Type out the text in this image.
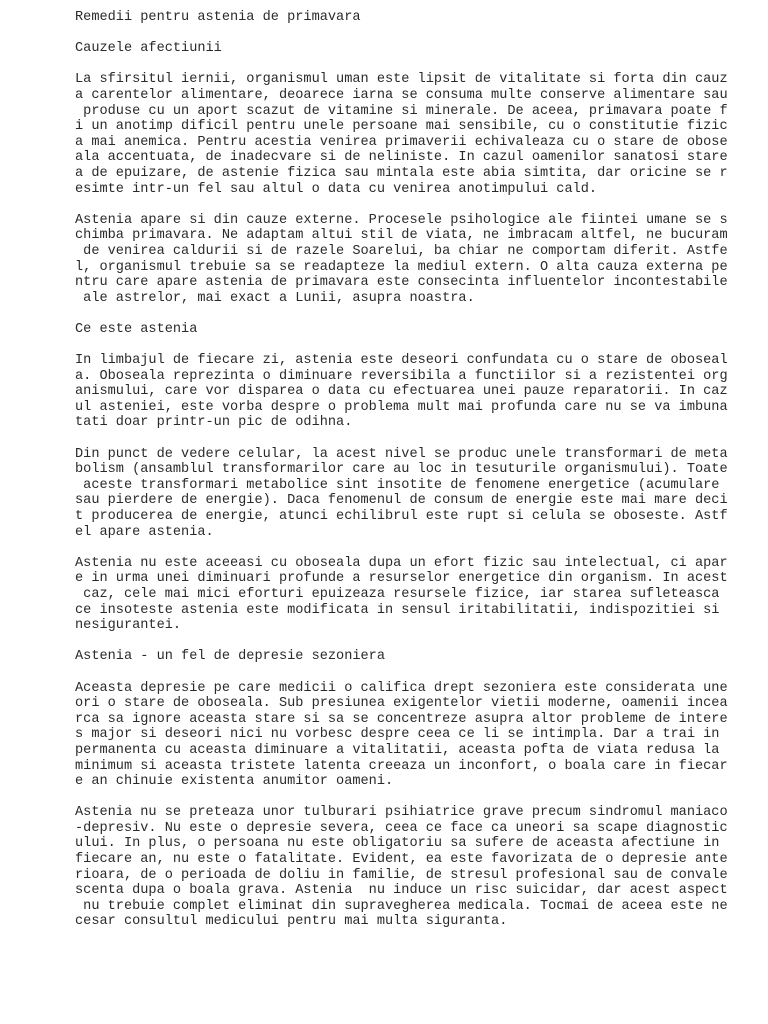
Remedii pentru astenia de primavara
Cauzele afectiunii
La sfirsitul iernii, organismul uman este lipsit de vitalitate si forta din cauz
a carentelor alimentare, deoarece iarna se consuma multe conserve alimentare sau
produse cu un aport scazut de vitamine si minerale. De aceea, primavara poate f
i un anotimp dificil pentru unele persoane mai sensibile, cu o constitutie fizic
a mai anemica. Pentru acestia venirea primaverii echivaleaza cu o stare de obose
ala accentuata, de inadecvare si de neliniste. In cazul oamenilor sanatosi stare
a de epuizare, de astenie fizica sau mintala este abia simtita, dar oricine se r
esimte intr-un fel sau altul o data cu venirea anotimpului cald.
Astenia apare si din cauze externe. Procesele psihologice ale fiintei umane se s
chimba primavara. Ne adaptam altui stil de viata, ne imbracam altfel, ne bucuram
de venirea caldurii si de razele Soarelui, ba chiar ne comportam diferit. Astfe
l, organismul trebuie sa se readapteze la mediul extern. O alta cauza externa pe
ntru care apare astenia de primavara este consecinta influentelor incontestabile
ale astrelor, mai exact a Lunii, asupra noastra.
Ce este astenia
In limbajul de fiecare zi, astenia este deseori confundata cu o stare de oboseal
a. Oboseala reprezinta o diminuare reversibila a functiilor si a rezistentei org
anismului, care vor disparea o data cu efectuarea unei pauze reparatorii. In caz
ul asteniei, este vorba despre o problema mult mai profunda care nu se va imbuna
tati doar printr-un pic de odihna.
Din punct de vedere celular, la acest nivel se produc unele transformari de meta
bolism (ansamblul transformarilor care au loc in tesuturile organismului). Toate
aceste transformari metabolice sint insotite de fenomene energetice (acumulare
sau pierdere de energie). Daca fenomenul de consum de energie este mai mare deci
t producerea de energie, atunci echilibrul este rupt si celula se oboseste. Astf
el apare astenia.
Astenia nu este aceeasi cu oboseala dupa un efort fizic sau intelectual, ci apar
e in urma unei diminuari profunde a resurselor energetice din organism. In acest
caz, cele mai mici eforturi epuizeaza resursele fizice, iar starea sufleteasca
ce insoteste astenia este modificata in sensul iritabilitatii, indispozitiei si
nesigurantei.
Astenia - un fel de depresie sezoniera
Aceasta depresie pe care medicii o califica drept sezoniera este considerata une
ori o stare de oboseala. Sub presiunea exigentelor vietii moderne, oamenii incea
rca sa ignore aceasta stare si sa se concentreze asupra altor probleme de intere
s major si deseori nici nu vorbesc despre ceea ce li se intimpla. Dar a trai in
permanenta cu aceasta diminuare a vitalitatii, aceasta pofta de viata redusa la
minimum si aceasta tristete latenta creeaza un inconfort, o boala care in fiecar
e an chinuie existenta anumitor oameni.
Astenia nu se preteaza unor tulburari psihiatrice grave precum sindromul maniaco
-depresiv. Nu este o depresie severa, ceea ce face ca uneori sa scape diagnostic
ului. In plus, o persoana nu este obligatoriu sa sufere de aceasta afectiune in
fiecare an, nu este o fatalitate. Evident, ea este favorizata de o depresie ante
rioara, de o perioada de doliu in familie, de stresul profesional sau de convale
scenta dupa o boala grava. Astenia  nu induce un risc suicidar, dar acest aspect
nu trebuie complet eliminat din supravegherea medicala. Tocmai de aceea este ne
cesar consultul medicului pentru mai multa siguranta.
